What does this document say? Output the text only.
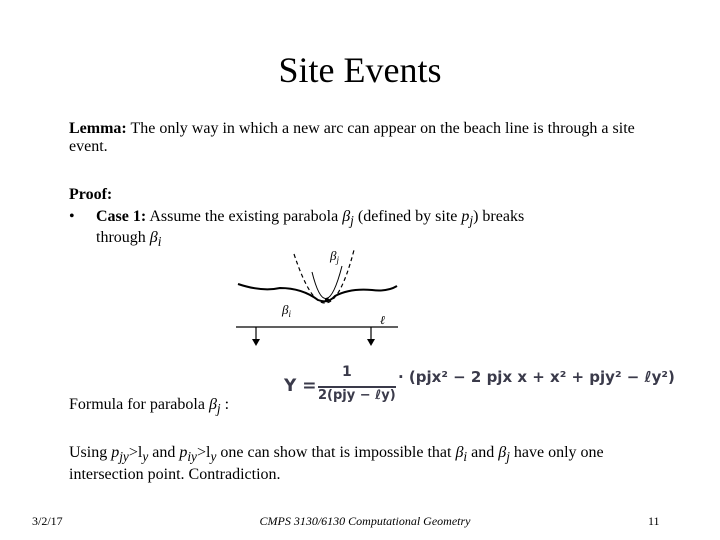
Site Events
Lemma: The only way in which a new arc can appear on the beach line is through a site event.
Proof:
• Case 1: Assume the existing parabola $\beta_j$ (defined by site $p_j$) breaks
through $\beta_i$
$\beta_j$
$\beta_i$	ℓ
Formula for parabola $\beta_j$ :
Y =
1
2(pjy − ℓy)
· (pjx² − 2 pjx x + x² + pjy² − ℓy²)
Using $p_{jy}>l_y$ and $p_{iy}>l_y$ one can show that is impossible that $\beta_i$ and $\beta_j$ have only one intersection point. Contradiction.
3/2/17	CMPS 3130/6130 Computational Geometry	11
